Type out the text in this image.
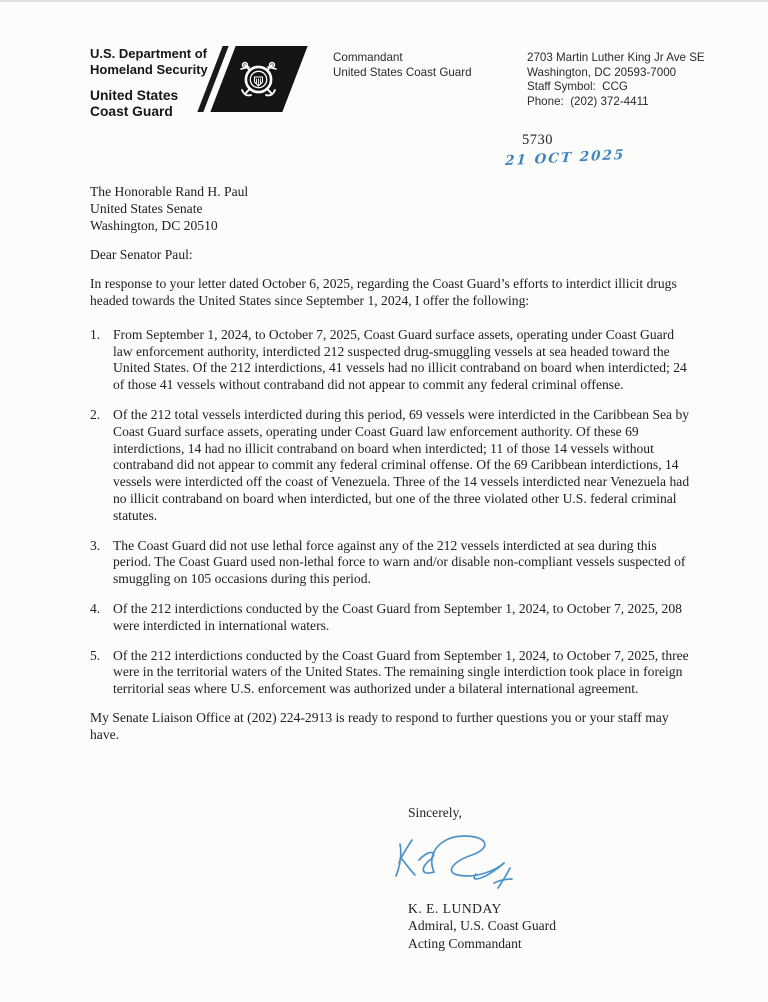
U.S. Department of
Homeland Security
United States
Coast Guard
Commandant
United States Coast Guard
2703 Martin Luther King Jr Ave SE
Washington, DC 20593-7000
Staff Symbol:  CCG
Phone:  (202) 372-4411
5730
21 OCT 2025
The Honorable Rand H. Paul
United States Senate
Washington, DC 20510
Dear Senator Paul:
In response to your letter dated October 6, 2025, regarding the Coast Guard’s efforts to interdict illicit drugs headed towards the United States since September 1, 2024, I offer the following:
1. From September 1, 2024, to October 7, 2025, Coast Guard surface assets, operating under Coast Guard law enforcement authority, interdicted 212 suspected drug-smuggling vessels at sea headed toward the United States. Of the 212 interdictions, 41 vessels had no illicit contraband on board when interdicted; 24 of those 41 vessels without contraband did not appear to commit any federal criminal offense.
2. Of the 212 total vessels interdicted during this period, 69 vessels were interdicted in the Caribbean Sea by Coast Guard surface assets, operating under Coast Guard law enforcement authority. Of these 69 interdictions, 14 had no illicit contraband on board when interdicted; 11 of those 14 vessels without contraband did not appear to commit any federal criminal offense. Of the 69 Caribbean interdictions, 14 vessels were interdicted off the coast of Venezuela. Three of the 14 vessels interdicted near Venezuela had no illicit contraband on board when interdicted, but one of the three violated other U.S. federal criminal statutes.
3. The Coast Guard did not use lethal force against any of the 212 vessels interdicted at sea during this period. The Coast Guard used non-lethal force to warn and/or disable non-compliant vessels suspected of smuggling on 105 occasions during this period.
4. Of the 212 interdictions conducted by the Coast Guard from September 1, 2024, to October 7, 2025, 208 were interdicted in international waters.
5. Of the 212 interdictions conducted by the Coast Guard from September 1, 2024, to October 7, 2025, three were in the territorial waters of the United States. The remaining single interdiction took place in foreign territorial seas where U.S. enforcement was authorized under a bilateral international agreement.
My Senate Liaison Office at (202) 224-2913 is ready to respond to further questions you or your staff may have.
Sincerely,
K. E. LUNDAY
Admiral, U.S. Coast Guard
Acting Commandant
